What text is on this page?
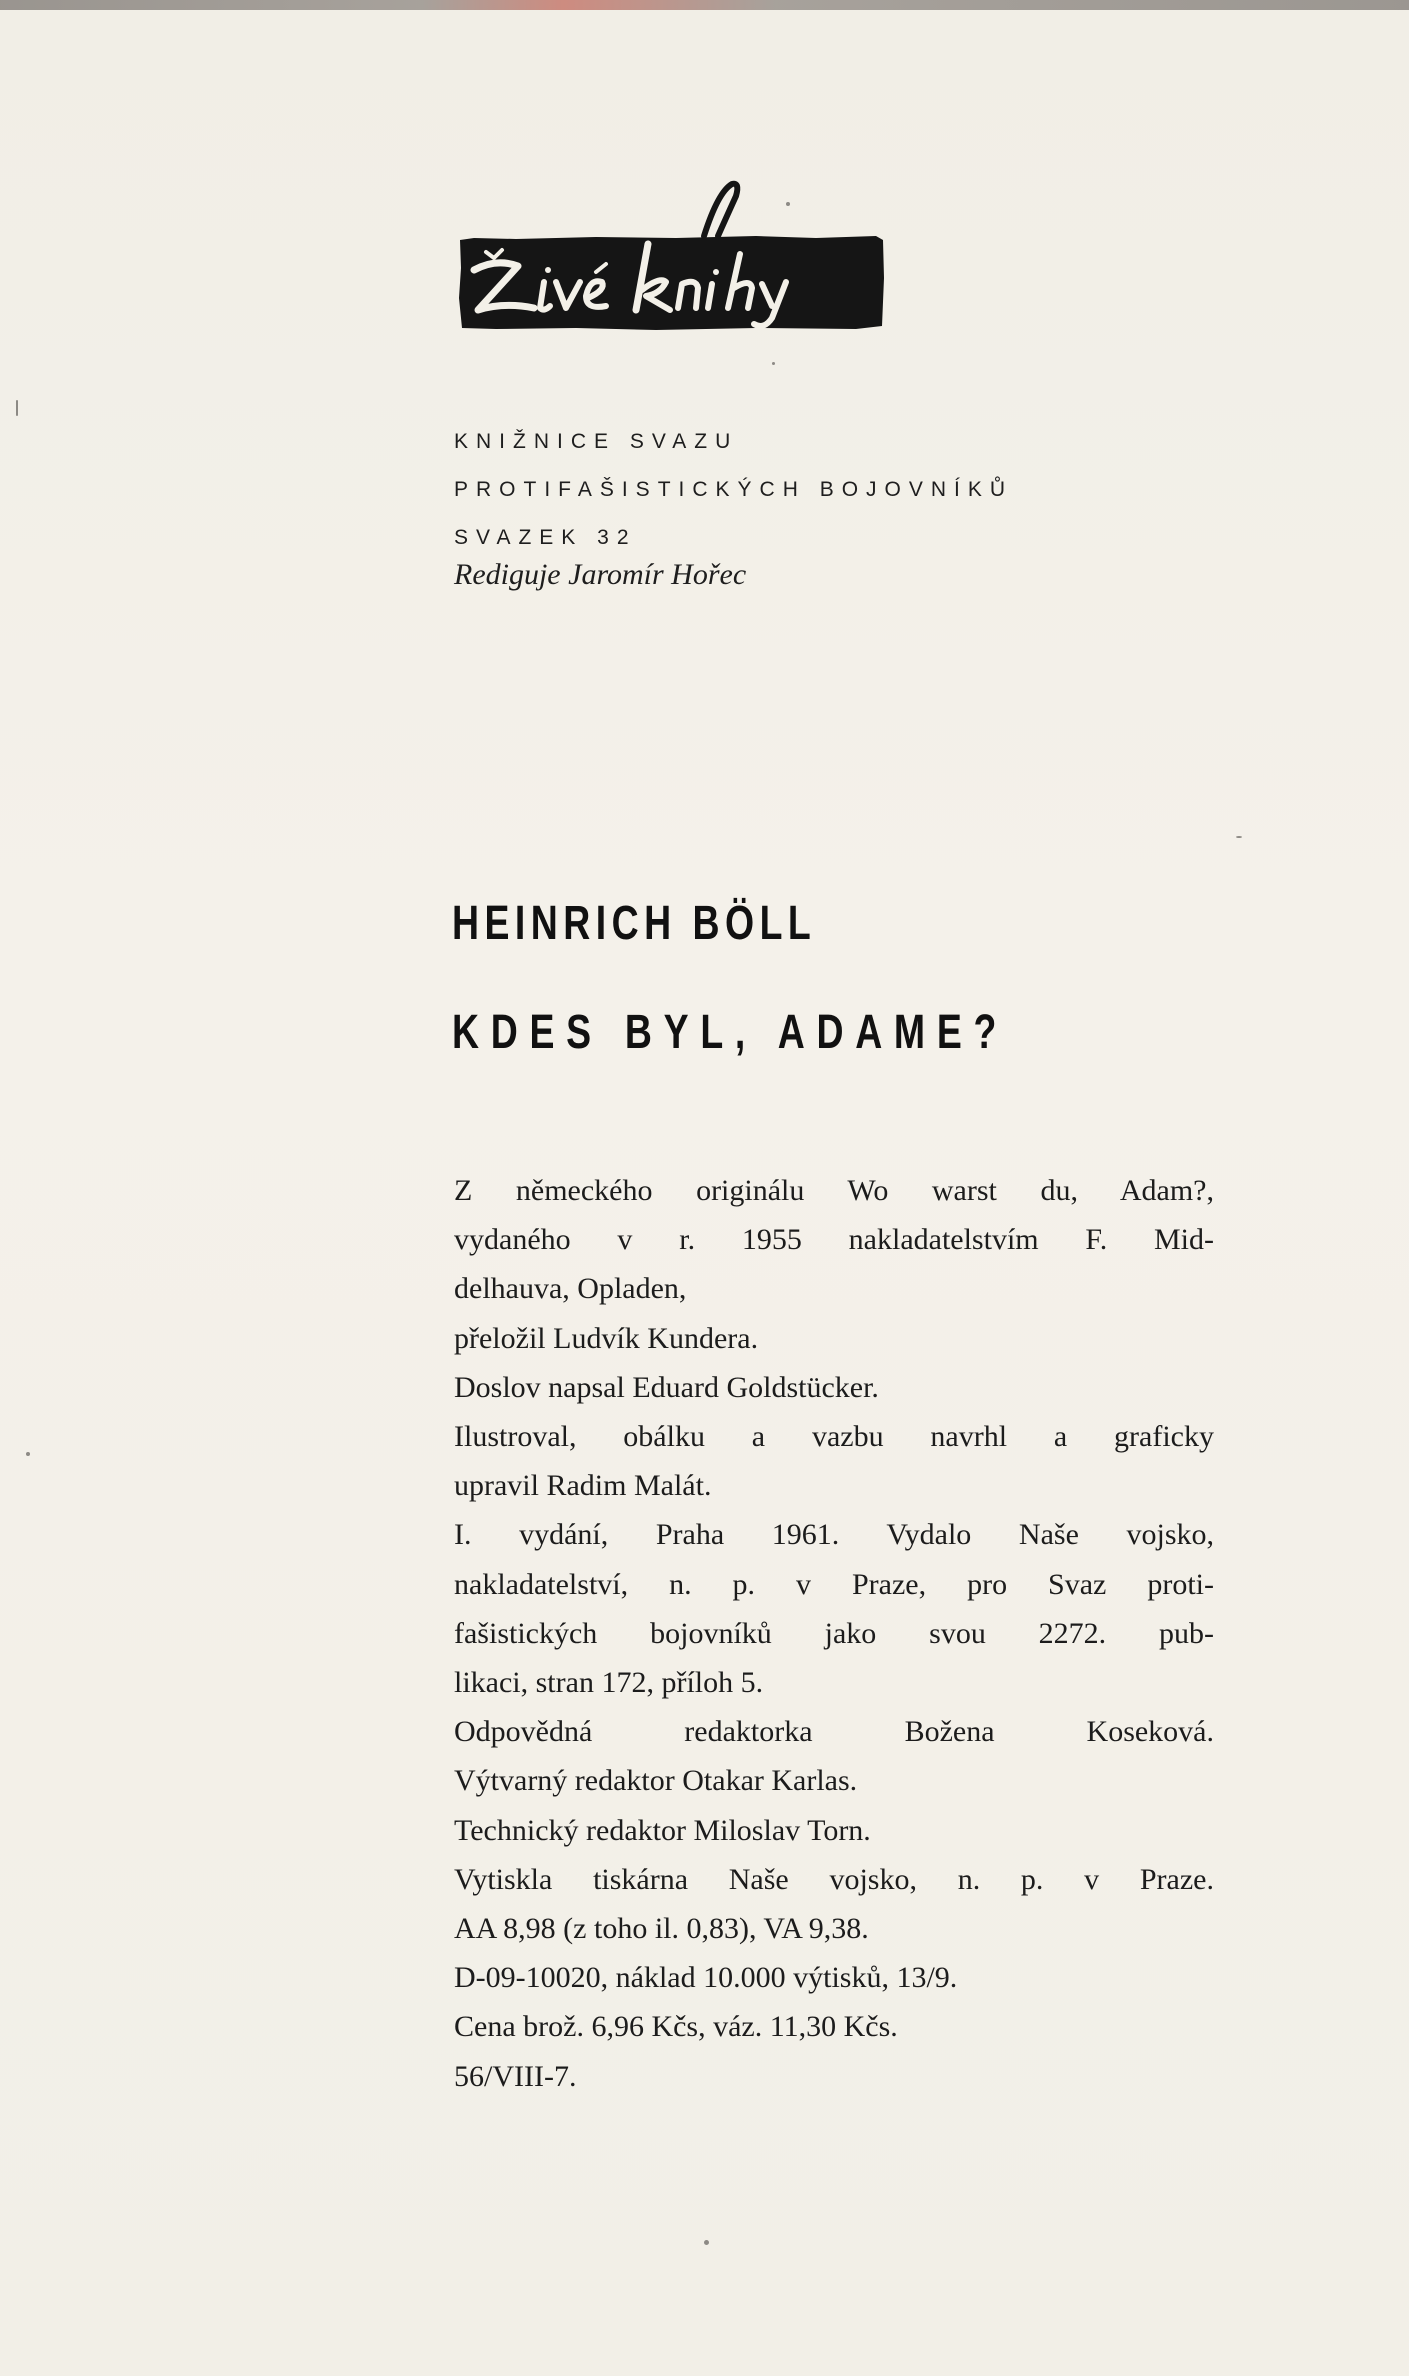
KNIŽNICE SVAZU
PROTIFAŠISTICKÝCH BOJOVNÍKŮ
SVAZEK 32
Rediguje Jaromír Hořec
HEINRICH BÖLL
KDES BYL, ADAME?
Z německého originálu Wo warst du, Adam?,
vydaného v r. 1955 nakladatelstvím F. Mid-
delhauva, Opladen,
přeložil Ludvík Kundera.
Doslov napsal Eduard Goldstücker.
Ilustroval, obálku a vazbu navrhl a graficky
upravil Radim Malát.
I. vydání, Praha 1961. Vydalo Naše vojsko,
nakladatelství, n. p. v Praze, pro Svaz proti-
fašistických bojovníků jako svou 2272. pub-
likaci, stran 172, příloh 5.
Odpovědná redaktorka Božena Koseková.
Výtvarný redaktor Otakar Karlas.
Technický redaktor Miloslav Torn.
Vytiskla tiskárna Naše vojsko, n. p. v Praze.
AA 8,98 (z toho il. 0,83), VA 9,38.
D-09-10020, náklad 10.000 výtisků, 13/9.
Cena brož. 6,96 Kčs, váz. 11,30 Kčs.
56/VIII-7.
